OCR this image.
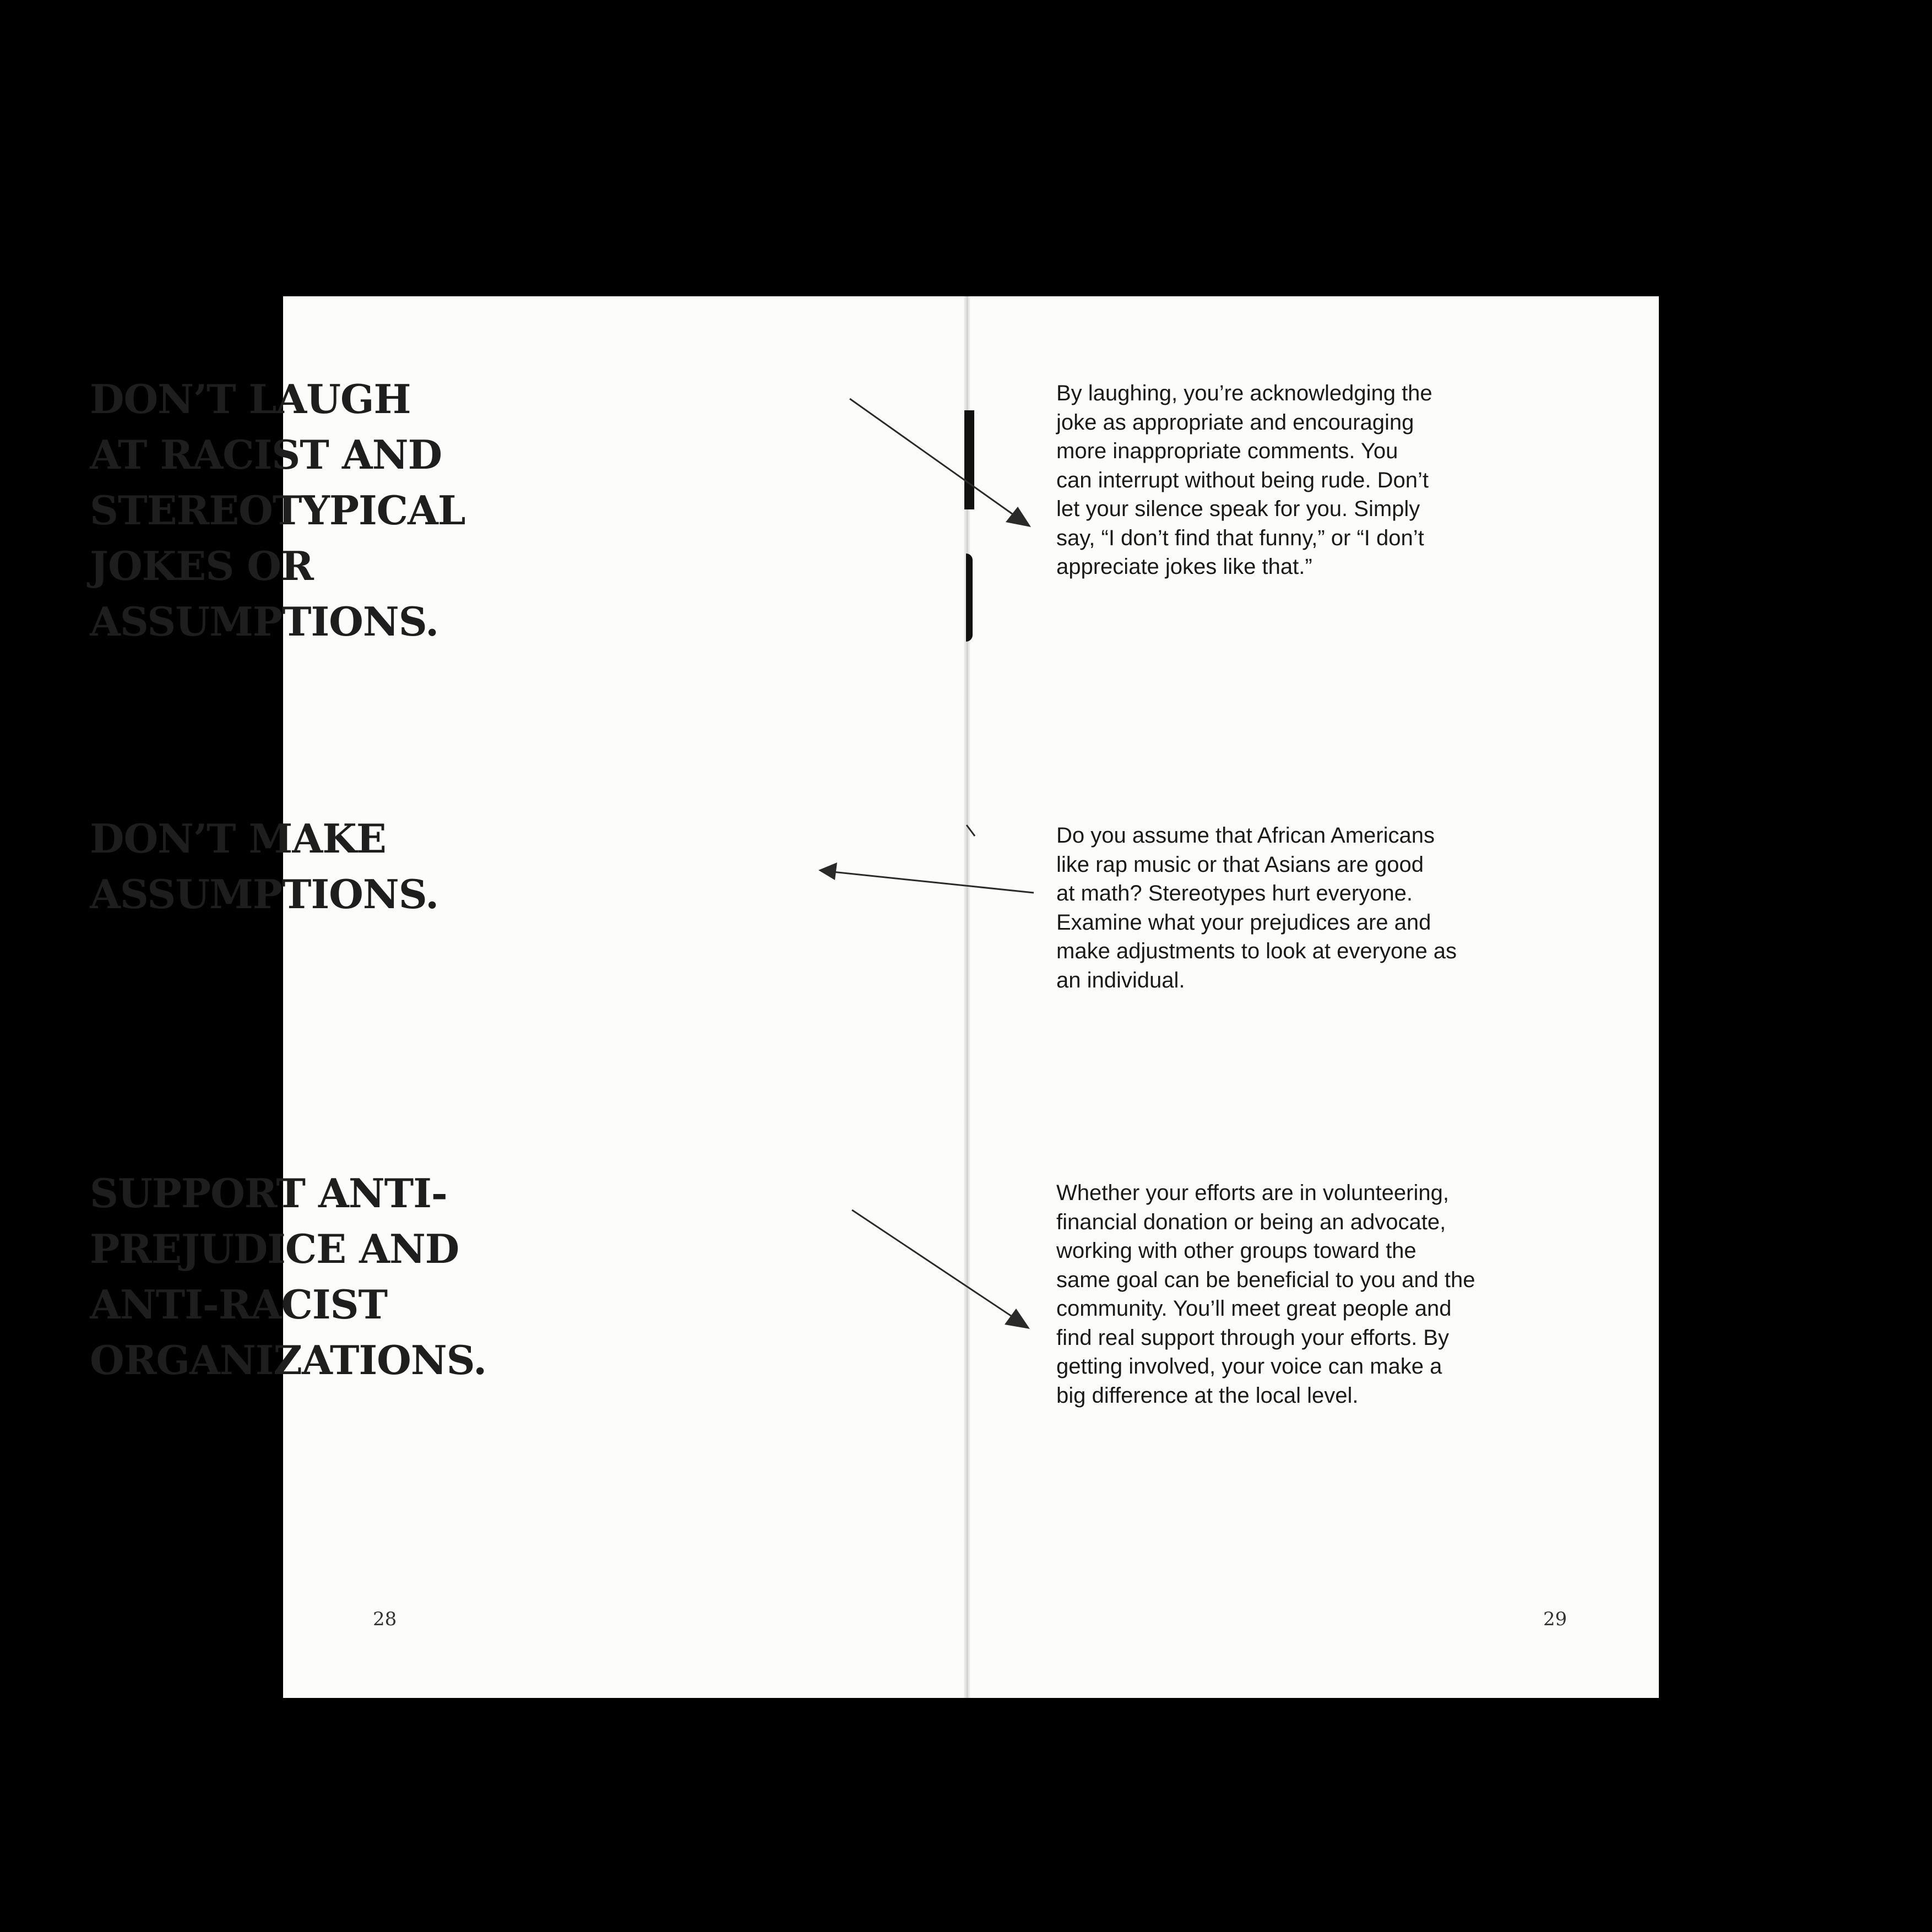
DON’T LAUGH
AT RACIST AND
STEREOTYPICAL
JOKES OR
ASSUMPTIONS.
DON’T MAKE
ASSUMPTIONS.
SUPPORT ANTI-
PREJUDICE AND
ANTI-RACIST
ORGANIZATIONS.

By laughing, you’re acknowledging the
joke as appropriate and encouraging
more inappropriate comments. You
can interrupt without being rude. Don’t
let your silence speak for you. Simply
say, “I don’t find that funny,” or “I don’t
appreciate jokes like that.”

Do you assume that African Americans
like rap music or that Asians are good
at math? Stereotypes hurt everyone.
Examine what your prejudices are and
make adjustments to look at everyone as
an individual.

Whether your efforts are in volunteering,
financial donation or being an advocate,
working with other groups toward the
same goal can be beneficial to you and the
community. You’ll meet great people and
find real support through your efforts. By
getting involved, your voice can make a
big difference at the local level.

28	29
